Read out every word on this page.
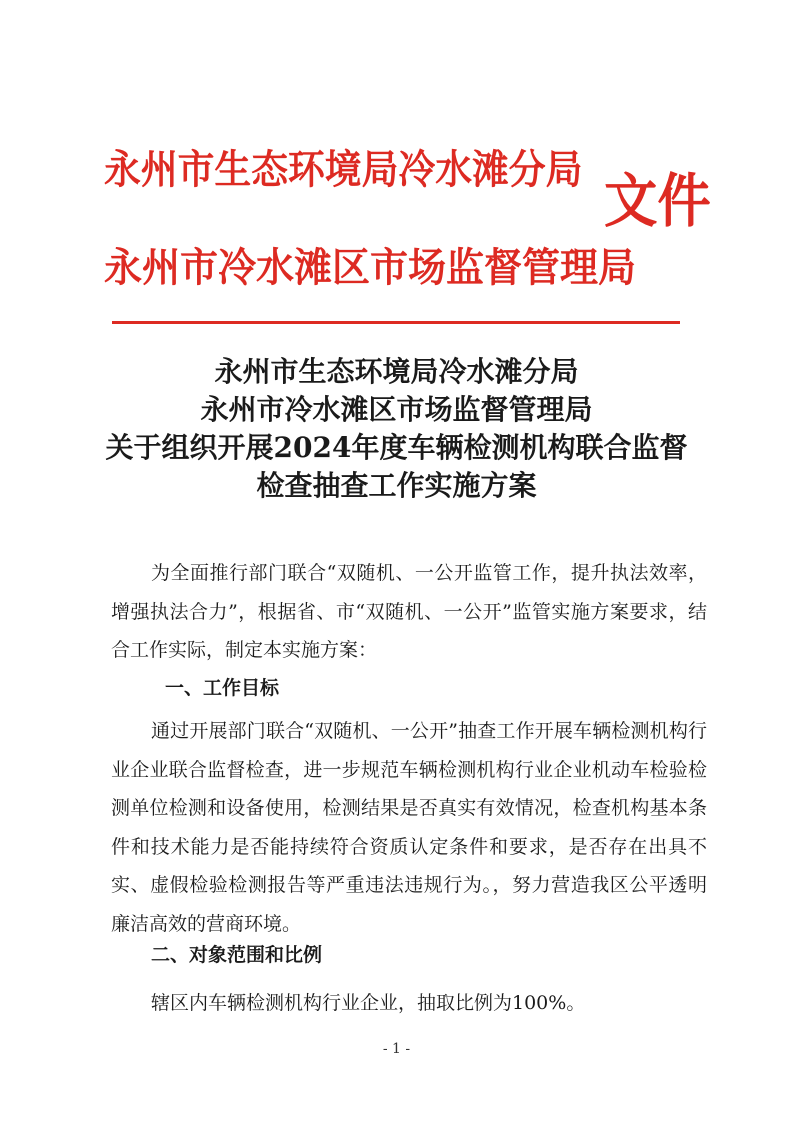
永州市生态环境局冷水滩分局

永州市冷水滩区市场监督管理局

文件

永州市生态环境局冷水滩分局
永州市冷水滩区市场监督管理局
关于组织开展2024年度车辆检测机构联合监督
检查抽查工作实施方案

为全面推行部门联合“双随机、一公开监管工作，提升执法效率，增强执法合力”，根据省、市“双随机、一公开”监管实施方案要求，结合工作实际，制定本实施方案：

一、工作目标

通过开展部门联合“双随机、一公开”抽查工作开展车辆检测机构行业企业联合监督检查，进一步规范车辆检测机构行业企业机动车检验检测单位检测和设备使用，检测结果是否真实有效情况，检查机构基本条件和技术能力是否能持续符合资质认定条件和要求，是否存在出具不实、虚假检验检测报告等严重违法违规行为。，努力营造我区公平透明廉洁高效的营商环境。

二、对象范围和比例

辖区内车辆检测机构行业企业，抽取比例为100%。

- 1 -
